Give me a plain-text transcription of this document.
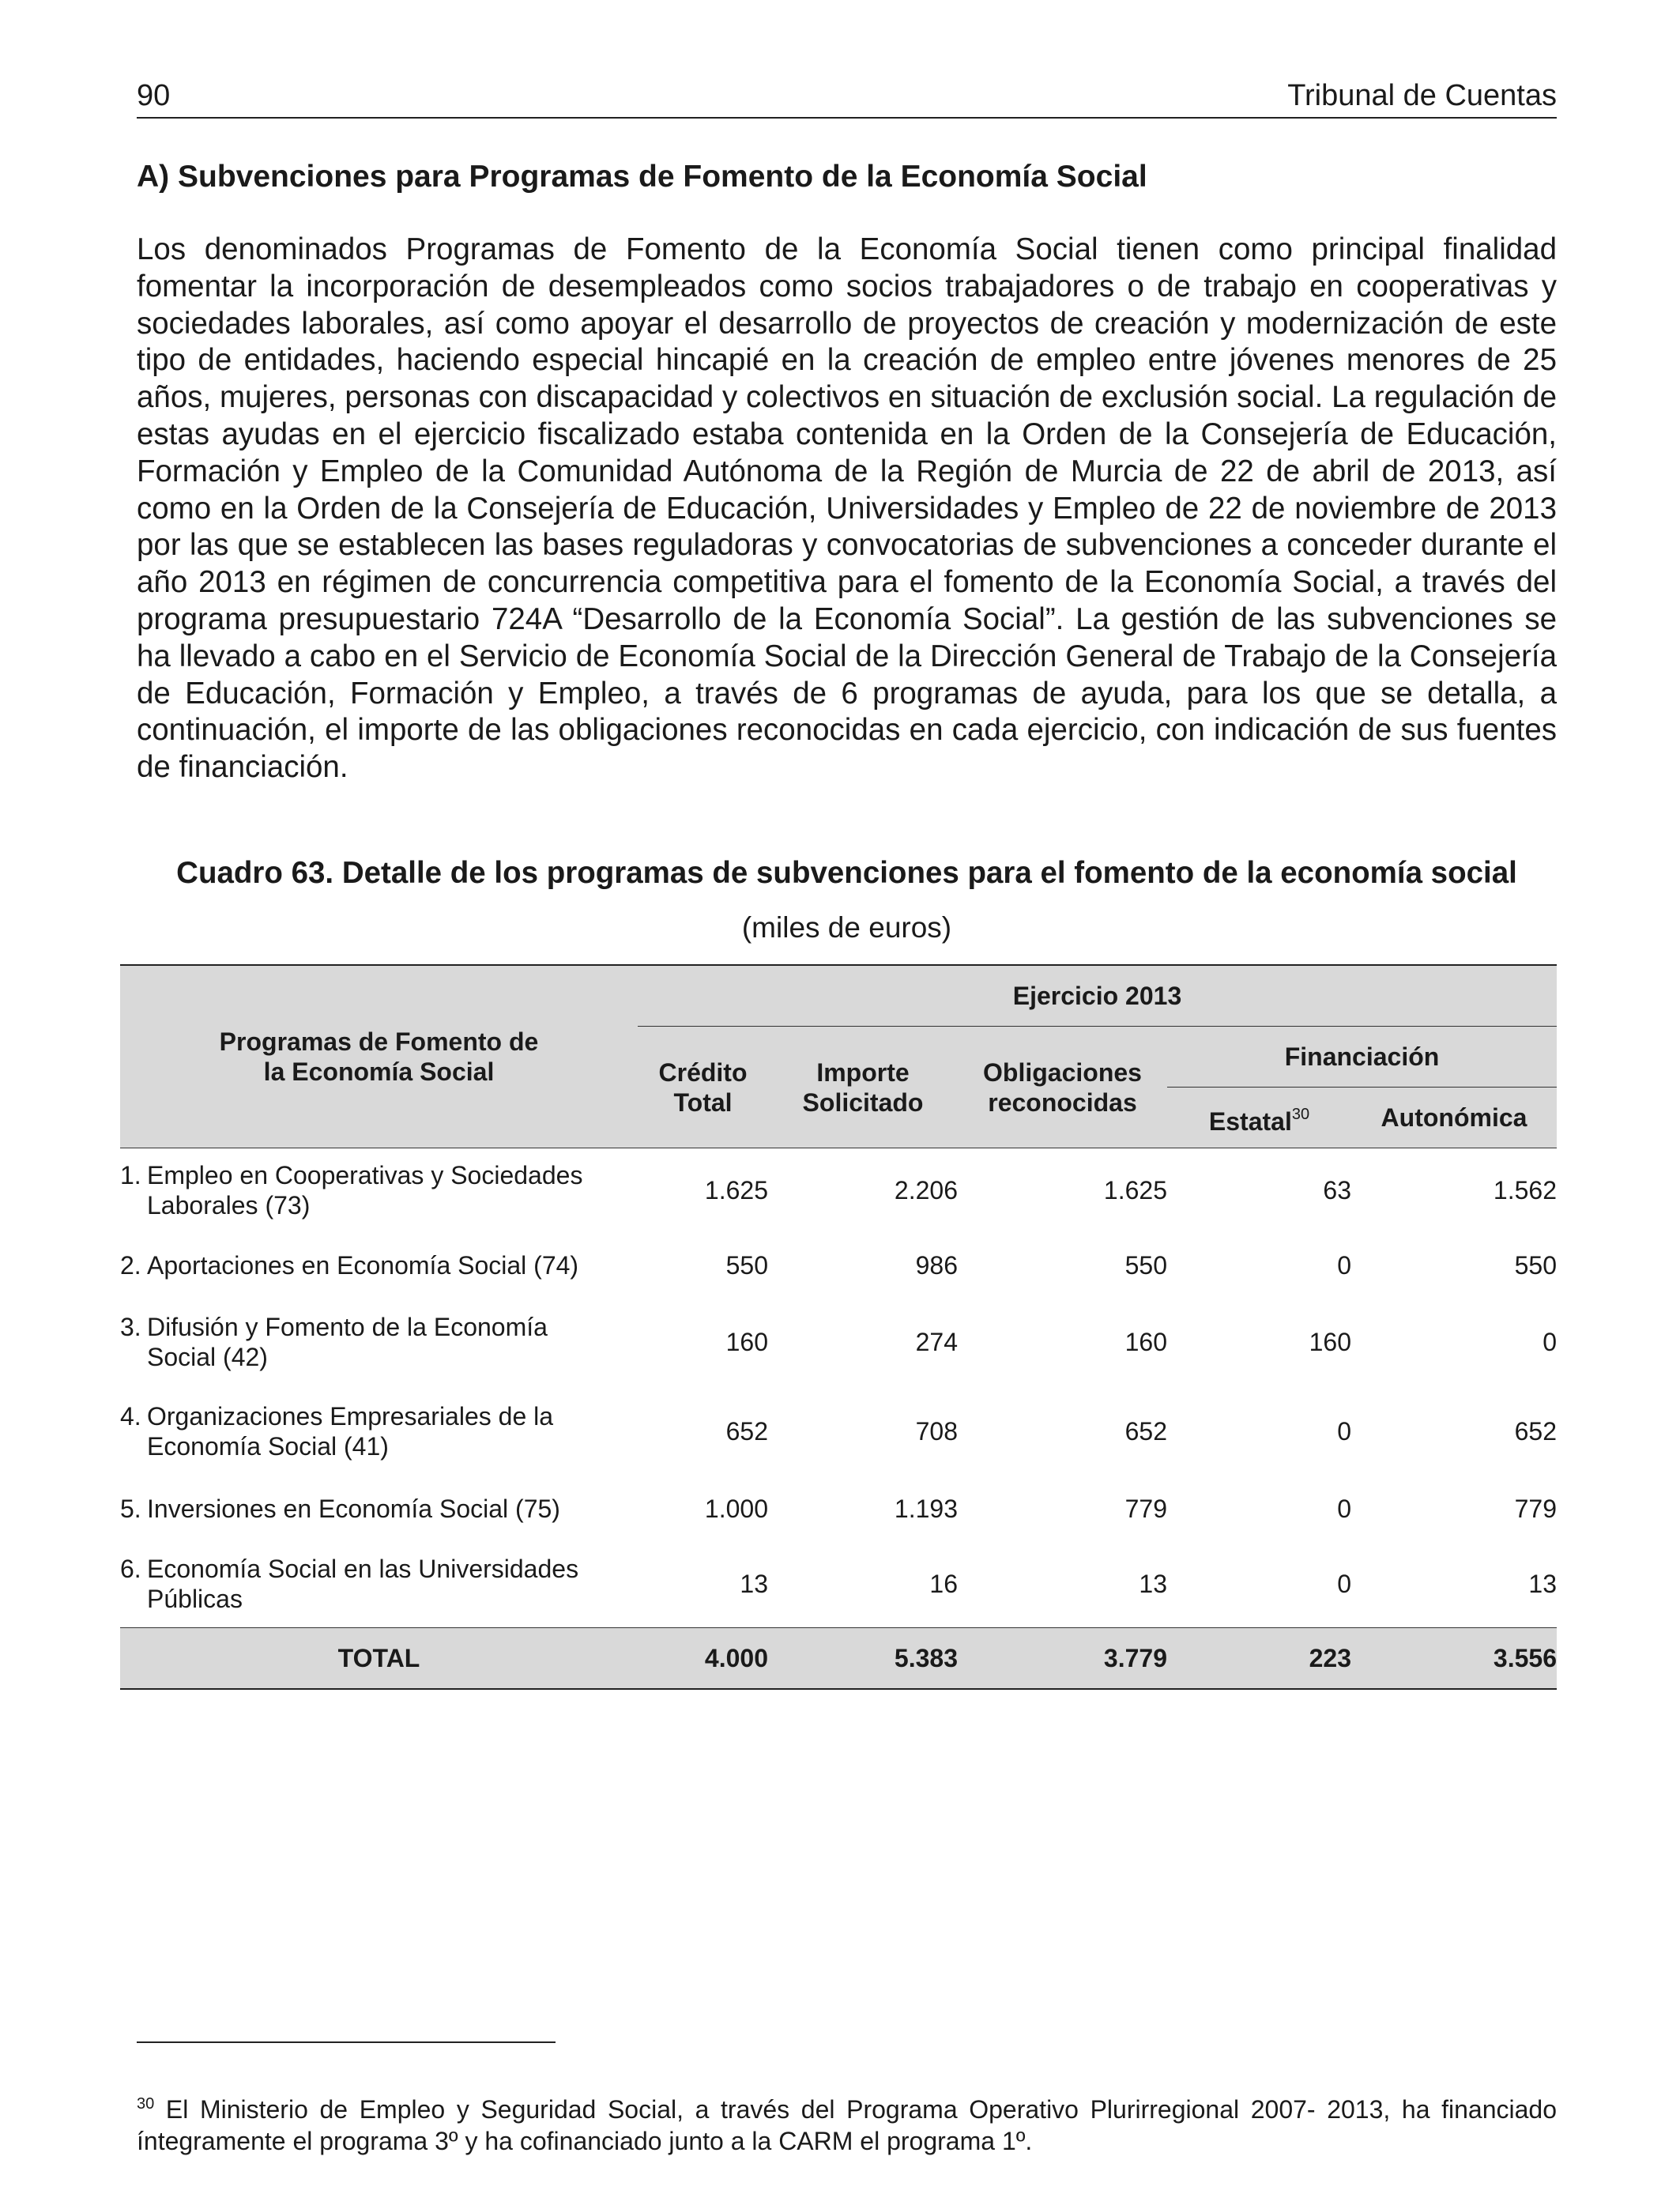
90	Tribunal de Cuentas
A) Subvenciones para Programas de Fomento de la Economía Social

Los denominados Programas de Fomento de la Economía Social tienen como principal finalidad fomentar la incorporación de desempleados como socios trabajadores o de trabajo en cooperativas y sociedades laborales, así como apoyar el desarrollo de proyectos de creación y modernización de este tipo de entidades, haciendo especial hincapié en la creación de empleo entre jóvenes menores de 25 años, mujeres, personas con discapacidad y colectivos en situación de exclusión social. La regulación de estas ayudas en el ejercicio fiscalizado estaba contenida en la Orden de la Consejería de Educación, Formación y Empleo de la Comunidad Autónoma de la Región de Murcia de 22 de abril de 2013, así como en la Orden de la Consejería de Educación, Universidades y Empleo de 22 de noviembre de 2013 por las que se establecen las bases reguladoras y convocatorias de subvenciones a conceder durante el año 2013 en régimen de concurrencia competitiva para el fomento de la Economía Social, a través del programa presupuestario 724A “Desarrollo de la Economía Social”. La gestión de las subvenciones se ha llevado a cabo en el Servicio de Economía Social de la Dirección General de Trabajo de la Consejería de Educación, Formación y Empleo, a través de 6 programas de ayuda, para los que se detalla, a continuación, el importe de las obligaciones reconocidas en cada ejercicio, con indicación de sus fuentes de financiación.

Cuadro 63. Detalle de los programas de subvenciones para el fomento de la economía social
(miles de euros)
Programas de Fomento de la Economía Social	Ejercicio 2013				

	Crédito Total	Importe Solicitado	Obligaciones reconocidas	Financiación	
				Estatal$^{30}$	Autonómica
1. Empleo en Cooperativas y Sociedades
Laborales (73)	1.625	2.206	1.625	63	1.562
2. Aportaciones en Economía Social (74)	550	986	550	0	550
3. Difusión y Fomento de la Economía
Social (42)	160	274	160	160	0
4. Organizaciones Empresariales de la
Economía Social (41)	652	708	652	0	652
5. Inversiones en Economía Social (75)	1.000	1.193	779	0	779
6. Economía Social en las Universidades
Públicas	13	16	13	0	13
TOTAL	4.000	5.383	3.779	223	3.556

$^{30}$ El Ministerio de Empleo y Seguridad Social, a través del Programa Operativo Plurirregional 2007- 2013, ha financiado íntegramente el programa 3º y ha cofinanciado junto a la CARM el programa 1º.
